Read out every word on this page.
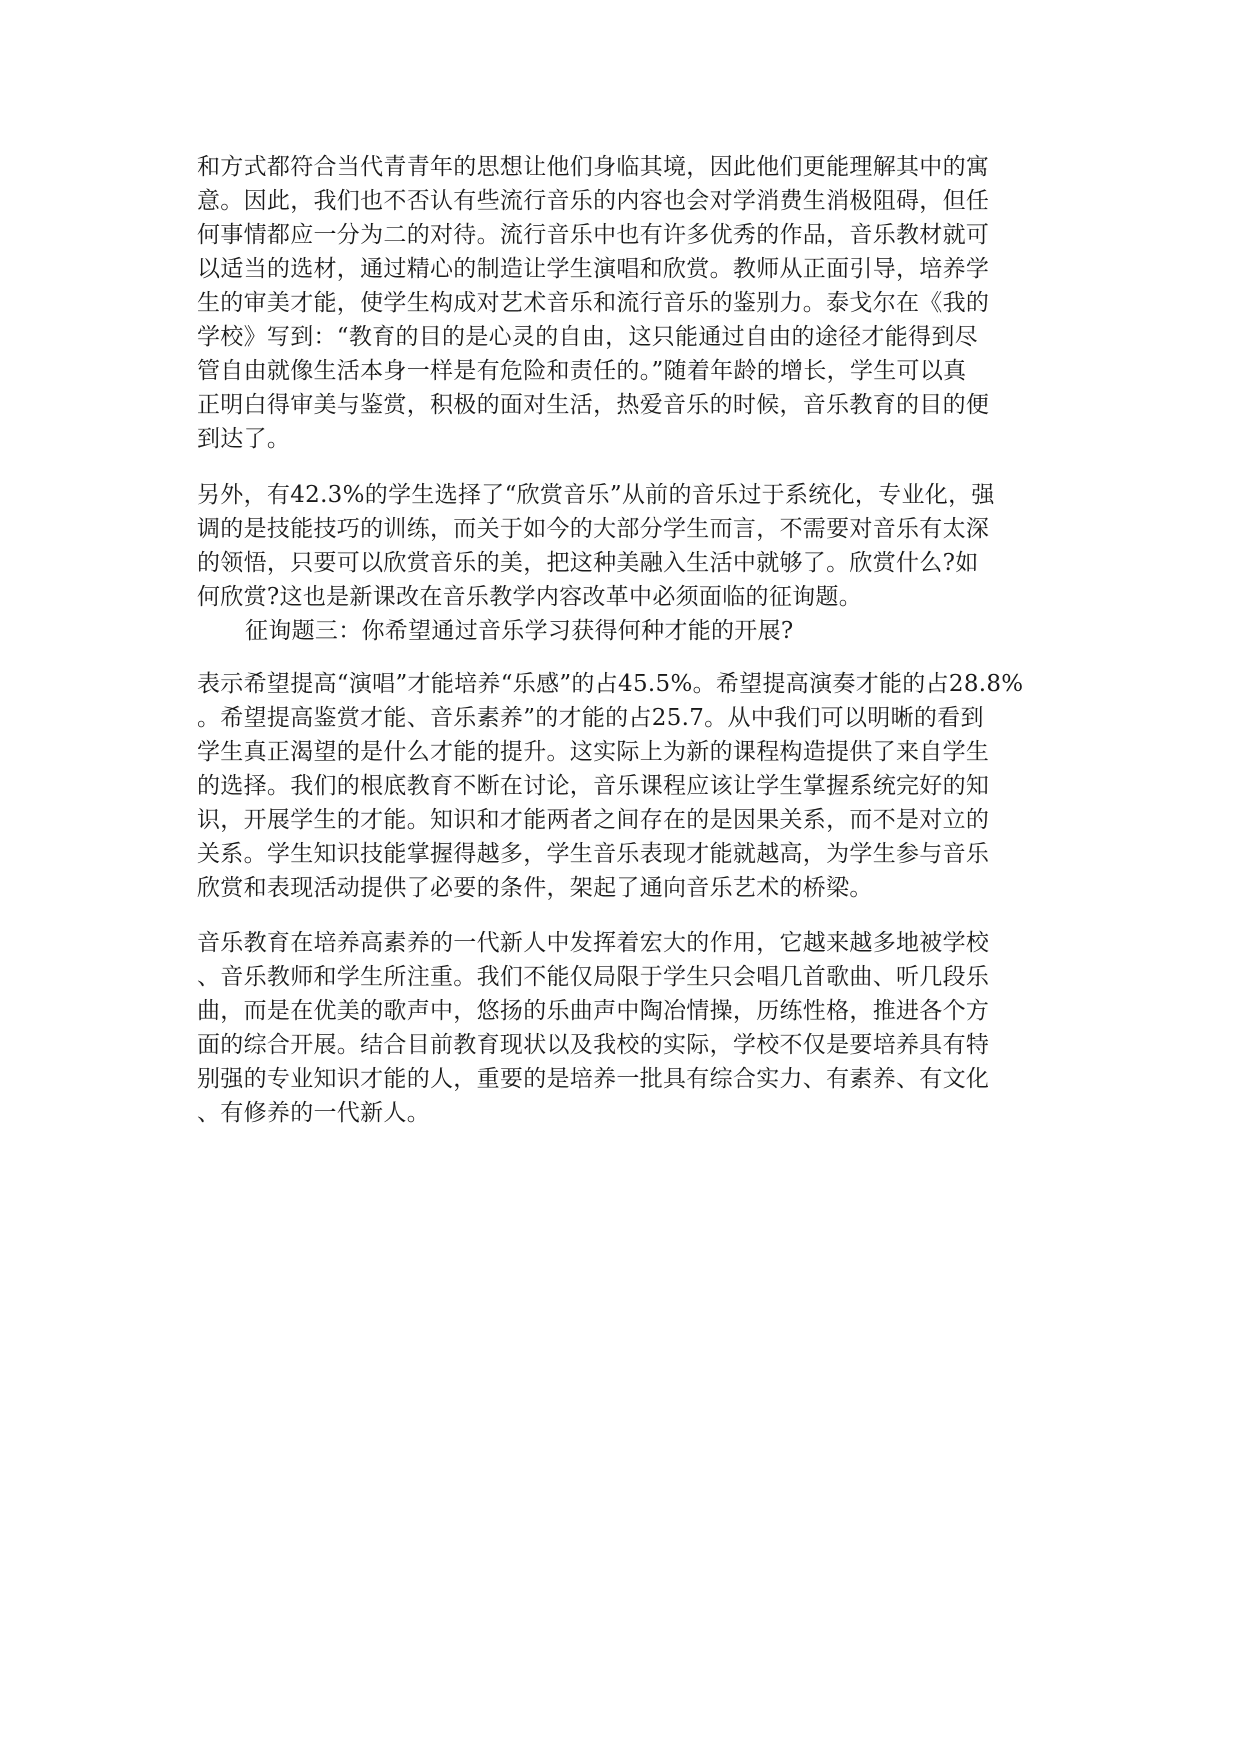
和方式都符合当代青青年的思想让他们身临其境，因此他们更能理解其中的寓
意。因此，我们也不否认有些流行音乐的内容也会对学消费生消极阻碍，但任
何事情都应一分为二的对待。流行音乐中也有许多优秀的作品，音乐教材就可
以适当的选材，通过精心的制造让学生演唱和欣赏。教师从正面引导，培养学
生的审美才能，使学生构成对艺术音乐和流行音乐的鉴别力。泰戈尔在《我的
学校》写到：“教育的目的是心灵的自由，这只能通过自由的途径才能得到尽
管自由就像生活本身一样是有危险和责任的。”随着年龄的增长，学生可以真
正明白得审美与鉴赏，积极的面对生活，热爱音乐的时候，音乐教育的目的便
到达了。
另外，有42.3%的学生选择了“欣赏音乐”从前的音乐过于系统化，专业化，强
调的是技能技巧的训练，而关于如今的大部分学生而言，不需要对音乐有太深
的领悟，只要可以欣赏音乐的美，把这种美融入生活中就够了。欣赏什么?如
何欣赏?这也是新课改在音乐教学内容改革中必须面临的征询题。
征询题三：你希望通过音乐学习获得何种才能的开展?
表示希望提高“演唱”才能培养“乐感”的占45.5%。希望提高演奏才能的占28.8%
。希望提高鉴赏才能、音乐素养”的才能的占25.7。从中我们可以明晰的看到
学生真正渴望的是什么才能的提升。这实际上为新的课程构造提供了来自学生
的选择。我们的根底教育不断在讨论，音乐课程应该让学生掌握系统完好的知
识，开展学生的才能。知识和才能两者之间存在的是因果关系，而不是对立的
关系。学生知识技能掌握得越多，学生音乐表现才能就越高，为学生参与音乐
欣赏和表现活动提供了必要的条件，架起了通向音乐艺术的桥梁。
音乐教育在培养高素养的一代新人中发挥着宏大的作用，它越来越多地被学校
、音乐教师和学生所注重。我们不能仅局限于学生只会唱几首歌曲、听几段乐
曲，而是在优美的歌声中，悠扬的乐曲声中陶冶情操，历练性格，推进各个方
面的综合开展。结合目前教育现状以及我校的实际，学校不仅是要培养具有特
别强的专业知识才能的人，重要的是培养一批具有综合实力、有素养、有文化
、有修养的一代新人。
